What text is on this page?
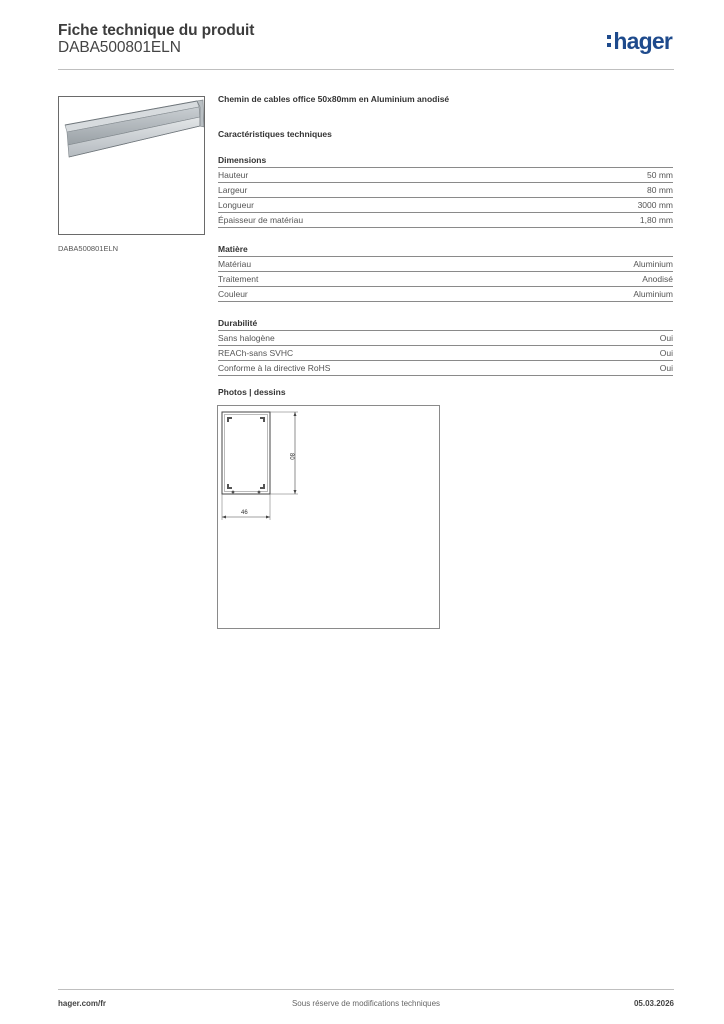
Fiche technique du produit
DABA500801ELN	hager
DABA500801ELN
Chemin de cables office 50x80mm en Aluminium anodisé
Caractéristiques techniques
Dimensions
Hauteur	50 mm
Largeur	80 mm
Longueur	3000 mm
Épaisseur de matériau	1,80 mm
Matière
Matériau	Aluminium
Traitement	Anodisé
Couleur	Aluminium
Durabilité
Sans halogène	Oui
REACh-sans SVHC	Oui
Conforme à la directive RoHS	Oui
Photos | dessins
80
46
Sous réserve de modifications techniques
hager.com/fr	05.03.2026
